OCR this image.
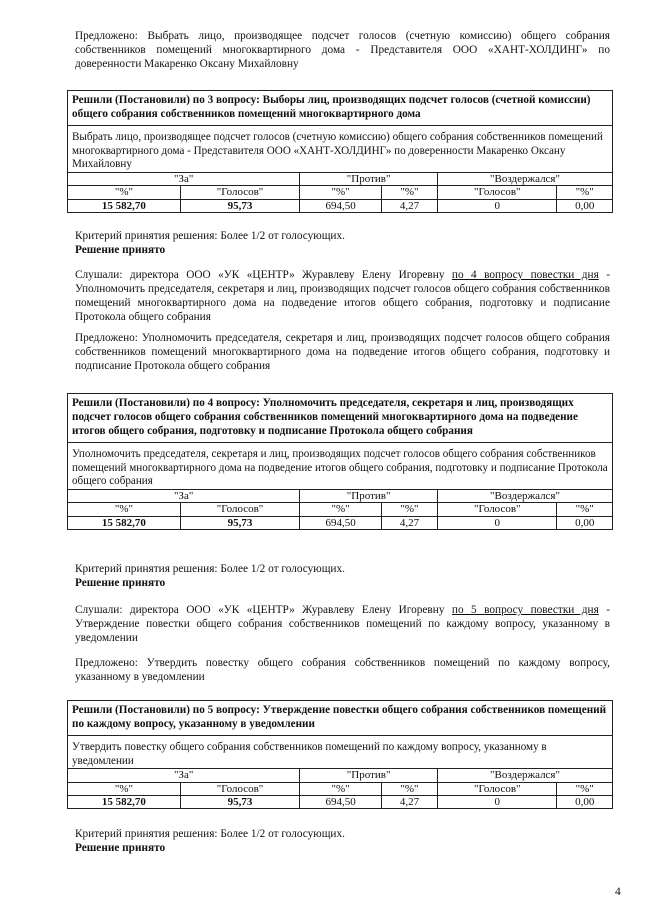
Предложено: Выбрать лицо, производящее подсчет голосов (счетную комиссию) общего собрания собственников помещений многоквартирного дома - Представителя ООО «ХАНТ-ХОЛДИНГ» по доверенности Макаренко Оксану Михайловну

Решили (Постановили) по 3 вопросу: Выборы лиц, производящих подсчет голосов (счетной комиссии) общего собрания собственников помещений многоквартирного дома
Выбрать лицо, производящее подсчет голосов (счетную комиссию) общего собрания собственников помещений многоквартирного дома - Представителя ООО «ХАНТ-ХОЛДИНГ» по доверенности Макаренко Оксану Михайловну
"За"		"Против"		"Воздержался"	
"%"	"Голосов"	"%"	"%"	"Голосов"	"%"
15 582,70	95,73	694,50	4,27	0	0,00
Критерий принятия решения: Более 1/2 от голосующих.
Решение принято

Слушали: директора ООО «УК «ЦЕНТР» Журавлеву Елену Игоревну по 4 вопросу повестки дня - Уполномочить председателя, секретаря и лиц, производящих подсчет голосов общего собрания собственников помещений многоквартирного дома на подведение итогов общего собрания, подготовку и подписание Протокола общего собрания

Предложено: Уполномочить председателя, секретаря и лиц, производящих подсчет голосов общего собрания собственников помещений многоквартирного дома на подведение итогов общего собрания, подготовку и подписание Протокола общего собрания

Решили (Постановили) по 4 вопросу: Уполномочить председателя, секретаря и лиц, производящих подсчет голосов общего собрания собственников помещений многоквартирного дома на подведение итогов общего собрания, подготовку и подписание Протокола общего собрания
Уполномочить председателя, секретаря и лиц, производящих подсчет голосов общего собрания собственников помещений многоквартирного дома на подведение итогов общего собрания, подготовку и подписание Протокола общего собрания
"За"		"Против"		"Воздержался"	
"%"	"Голосов"	"%"	"%"	"Голосов"	"%"
15 582,70	95,73	694,50	4,27	0	0,00
Критерий принятия решения: Более 1/2 от голосующих.
Решение принято

Слушали: директора ООО «УК «ЦЕНТР» Журавлеву Елену Игоревну по 5 вопросу повестки дня - Утверждение повестки общего собрания собственников помещений по каждому вопросу, указанному в уведомлении

Предложено: Утвердить повестку общего собрания собственников помещений по каждому вопросу, указанному в уведомлении

Решили (Постановили) по 5 вопросу: Утверждение повестки общего собрания собственников помещений по каждому вопросу, указанному в уведомлении
Утвердить повестку общего собрания собственников помещений по каждому вопросу, указанному в уведомлении
"За"		"Против"		"Воздержался"	
"%"	"Голосов"	"%"	"%"	"Голосов"	"%"
15 582,70	95,73	694,50	4,27	0	0,00
Критерий принятия решения: Более 1/2 от голосующих.
Решение принято
4
